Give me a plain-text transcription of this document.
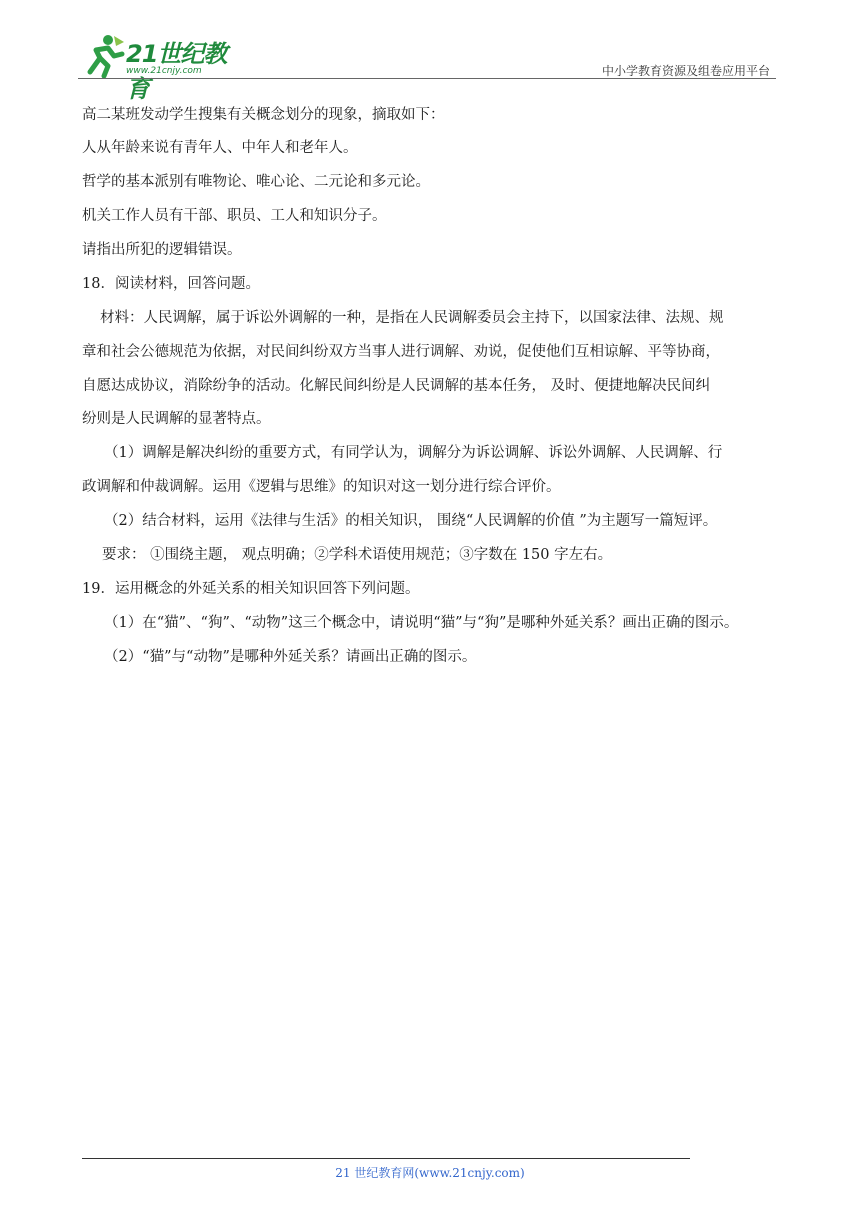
21世纪教育
www.21cnjy.com	中小学教育资源及组卷应用平台
高二某班发动学生搜集有关概念划分的现象，摘取如下：
人从年龄来说有青年人、中年人和老年人。
哲学的基本派别有唯物论、唯心论、二元论和多元论。
机关工作人员有干部、职员、工人和知识分子。
请指出所犯的逻辑错误。
18．阅读材料，回答问题。
材料：人民调解，属于诉讼外调解的一种，是指在人民调解委员会主持下，以国家法律、法规、规
章和社会公德规范为依据，对民间纠纷双方当事人进行调解、劝说，促使他们互相谅解、平等协商，
自愿达成协议，消除纷争的活动。化解民间纠纷是人民调解的基本任务， 及时、便捷地解决民间纠
纷则是人民调解的显著特点。
（1）调解是解决纠纷的重要方式，有同学认为，调解分为诉讼调解、诉讼外调解、人民调解、行
政调解和仲裁调解。运用《逻辑与思维》的知识对这一划分进行综合评价。
（2）结合材料，运用《法律与生活》的相关知识， 围绕“人民调解的价值 ”为主题写一篇短评。
要求： ①围绕主题， 观点明确；②学科术语使用规范；③字数在 150 字左右。
19．运用概念的外延关系的相关知识回答下列问题。
（1）在“猫”、“狗”、“动物”这三个概念中，请说明“猫”与“狗”是哪种外延关系？画出正确的图示。
（2）“猫”与“动物”是哪种外延关系？请画出正确的图示。
21 世纪教育网(www.21cnjy.com)
